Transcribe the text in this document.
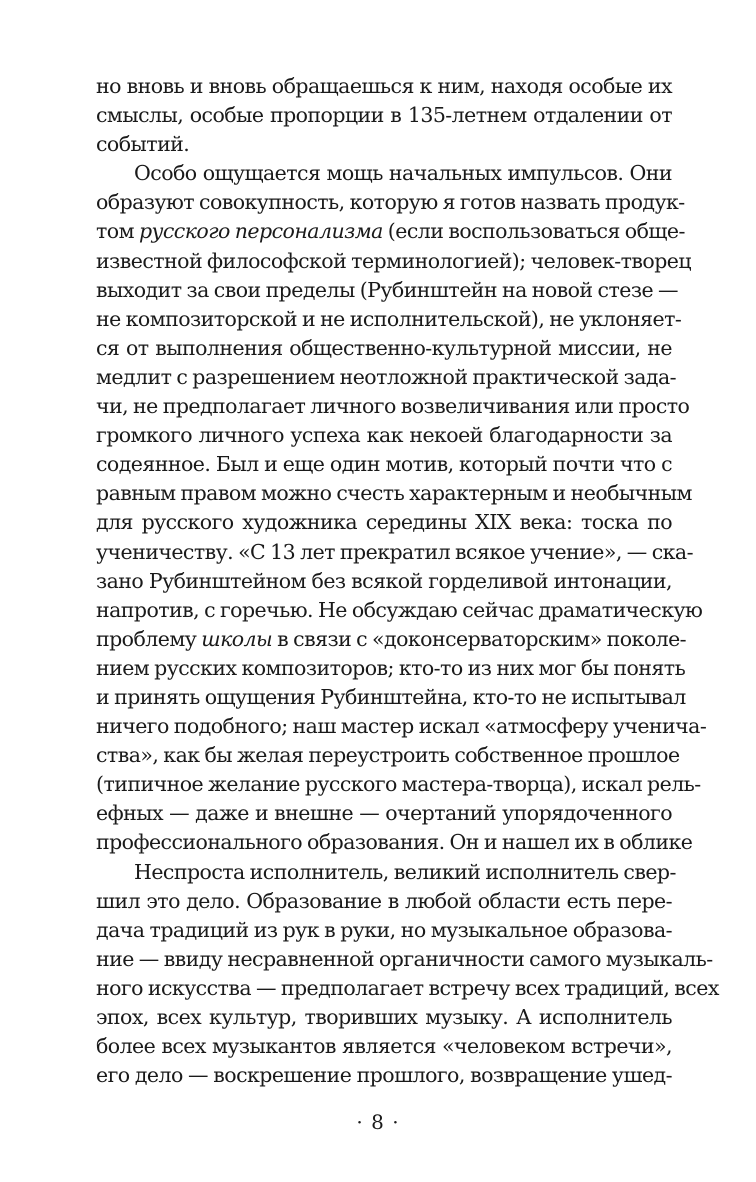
но вновь и вновь обращаешься к ним, находя особые их
смыслы, особые пропорции в 135-летнем отдалении от
событий.
Особо ощущается мощь начальных импульсов. Они
образуют совокупность, которую я готов назвать продук-
том русского персонализма (если воспользоваться обще-
известной философской терминологией); человек-творец
выходит за свои пределы (Рубинштейн на новой стезе —
не композиторской и не исполнительской), не уклоняет-
ся от выполнения общественно-культурной миссии, не
медлит с разрешением неотложной практической зада-
чи, не предполагает личного возвеличивания или просто
громкого личного успеха как некоей благодарности за
содеянное. Был и еще один мотив, который почти что с
равным правом можно счесть характерным и необычным
для русского художника середины XIX века: тоска по
ученичеству. «С 13 лет прекратил всякое учение», — ска-
зано Рубинштейном без всякой горделивой интонации,
напротив, с горечью. Не обсуждаю сейчас драматическую
проблему школы в связи с «доконсерваторским» поколе-
нием русских композиторов; кто-то из них мог бы понять
и принять ощущения Рубинштейна, кто-то не испытывал
ничего подобного; наш мастер искал «атмосферу ученича-
ства», как бы желая переустроить собственное прошлое
(типичное желание русского мастера-творца), искал рель-
ефных — даже и внешне — очертаний упорядоченного
профессионального образования. Он и нашел их в облике
Неспроста исполнитель, великий исполнитель свер-
шил это дело. Образование в любой области есть пере-
дача традиций из рук в руки, но музыкальное образова-
ние — ввиду несравненной органичности самого музыкаль-
ного искусства — предполагает встречу всех традиций, всех
эпох, всех культур, творивших музыку. А исполнитель
более всех музыкантов является «человеком встречи»,
его дело — воскрешение прошлого, возвращение ушед-
· 8 ·
